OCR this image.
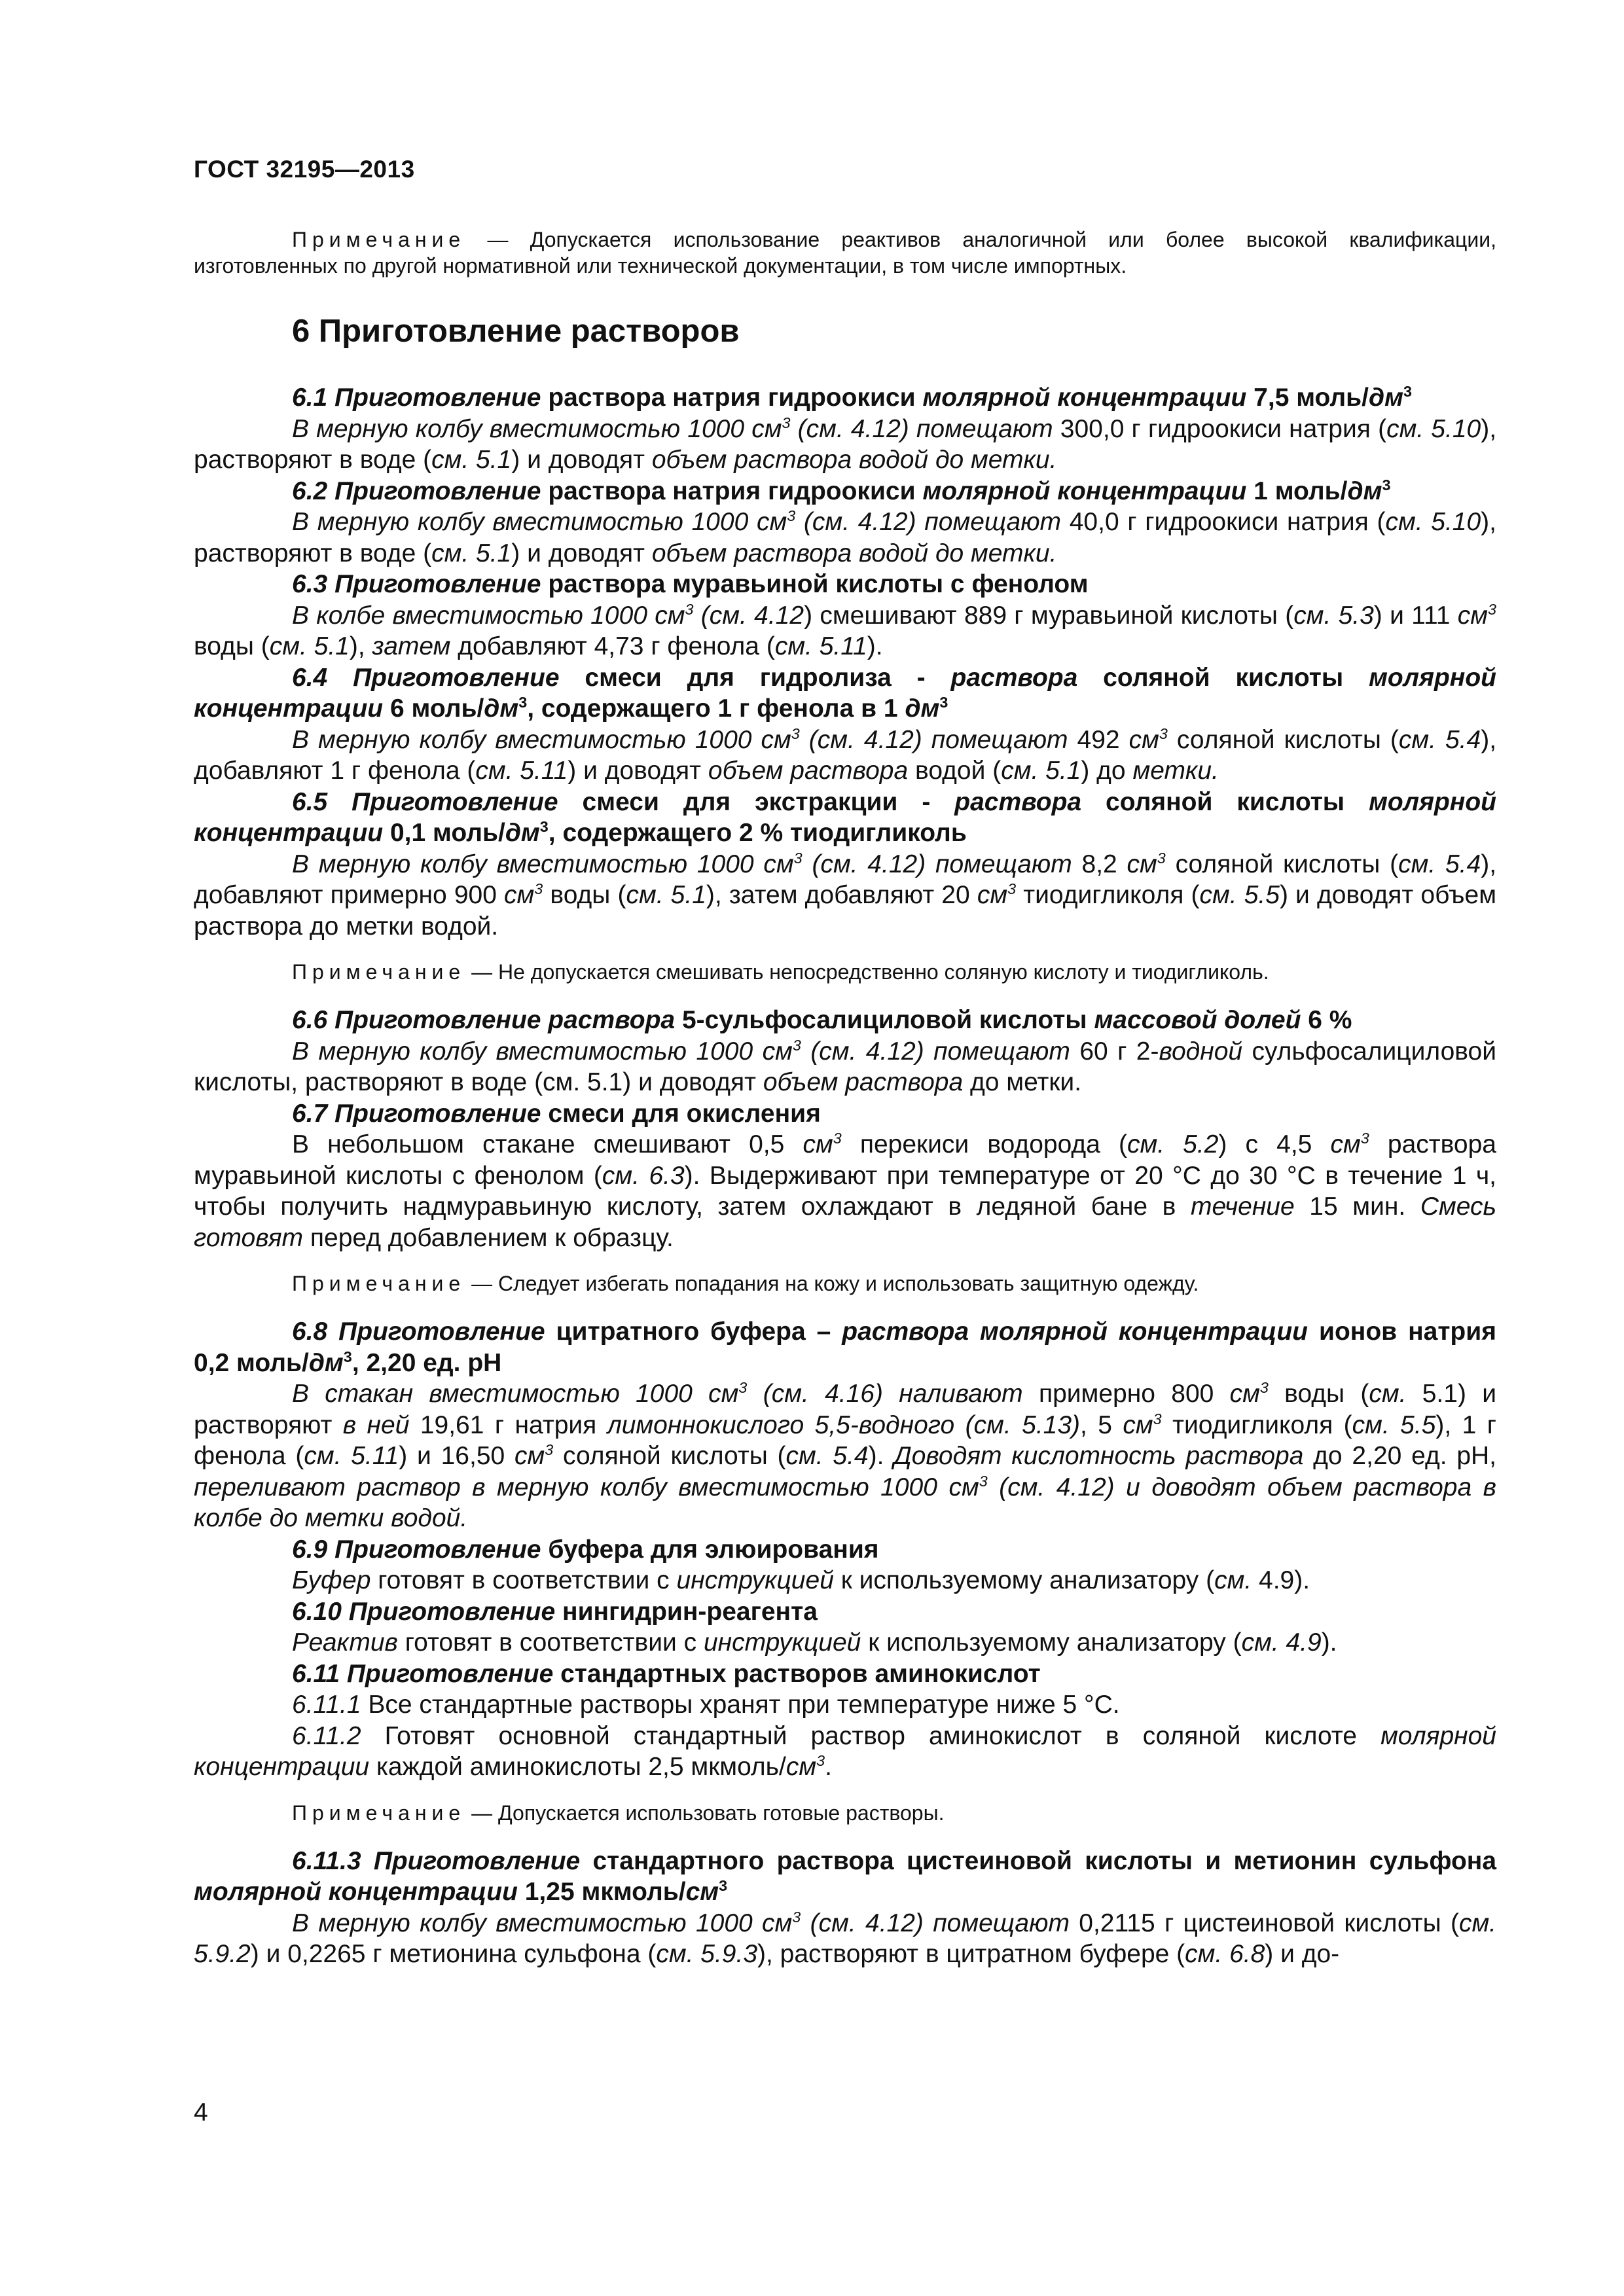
ГОСТ 32195—2013

Примечание — Допускается использование реактивов аналогичной или более высокой квалификации, изготовленных по другой нормативной или технической документации, в том числе импортных.

6 Приготовление растворов

6.1 Приготовление раствора натрия гидроокиси молярной концентрации 7,5 моль/$дм^3$

В мерную колбу вместимостью 1000 $см^3$ (см. 4.12) помещают 300,0 г гидроокиси натрия (см. 5.10), растворяют в воде (см. 5.1) и доводят объем раствора водой до метки.

6.2 Приготовление раствора натрия гидроокиси молярной концентрации 1 моль/$дм^3$

В мерную колбу вместимостью 1000 $см^3$ (см. 4.12) помещают 40,0 г гидроокиси натрия (см. 5.10), растворяют в воде (см. 5.1) и доводят объем раствора водой до метки.

6.3 Приготовление раствора муравьиной кислоты с фенолом

В колбе вместимостью 1000 $см^3$ (см. 4.12) смешивают 889 г муравьиной кислоты (см. 5.3) и 111 $см^3$ воды (см. 5.1), затем добавляют 4,73 г фенола (см. 5.11).

6.4 Приготовление смеси для гидролиза - раствора соляной кислоты молярной концентрации 6 моль/$дм^3$, содержащего 1 г фенола в 1 $дм^3$

В мерную колбу вместимостью 1000 $см^3$ (см. 4.12) помещают 492 $см^3$ соляной кислоты (см. 5.4), добавляют 1 г фенола (см. 5.11) и доводят объем раствора водой (см. 5.1) до метки.

6.5 Приготовление смеси для экстракции - раствора соляной кислоты молярной концентрации 0,1 моль/$дм^3$, содержащего 2 % тиодигликоль

В мерную колбу вместимостью 1000 $см^3$ (см. 4.12) помещают 8,2 $см^3$ соляной кислоты (см. 5.4), добавляют примерно 900 $см^3$ воды (см. 5.1), затем добавляют 20 $см^3$ тиодигликоля (см. 5.5) и доводят объем раствора до метки водой.

Примечание — Не допускается смешивать непосредственно соляную кислоту и тиодигликоль.

6.6 Приготовление раствора 5-сульфосалициловой кислоты массовой долей 6 %

В мерную колбу вместимостью 1000 $см^3$ (см. 4.12) помещают 60 г 2-водной сульфосалициловой кислоты, растворяют в воде (см. 5.1) и доводят объем раствора до метки.

6.7 Приготовление смеси для окисления

В небольшом стакане смешивают 0,5 $см^3$ перекиси водорода (см. 5.2) с 4,5 $см^3$ раствора муравьиной кислоты с фенолом (см. 6.3). Выдерживают при температуре от 20 °С до 30 °С в течение 1 ч, чтобы получить надмуравьиную кислоту, затем охлаждают в ледяной бане в течение 15 мин. Смесь готовят перед добавлением к образцу.

Примечание — Следует избегать попадания на кожу и использовать защитную одежду.

6.8 Приготовление цитратного буфера – раствора молярной концентрации ионов натрия 0,2 моль/$дм^3$, 2,20 ед. рН

В стакан вместимостью 1000 $см^3$ (см. 4.16) наливают примерно 800 $см^3$ воды (см. 5.1) и растворяют в ней 19,61 г натрия лимоннокислого 5,5-водного (см. 5.13), 5 $см^3$ тиодигликоля (см. 5.5), 1 г фенола (см. 5.11) и 16,50 $см^3$ соляной кислоты (см. 5.4). Доводят кислотность раствора до 2,20 ед. рН, переливают раствор в мерную колбу вместимостью 1000 $см^3$ (см. 4.12) и доводят объем раствора в колбе до метки водой.

6.9 Приготовление буфера для элюирования

Буфер готовят в соответствии с инструкцией к используемому анализатору (см. 4.9).

6.10 Приготовление нингидрин-реагента

Реактив готовят в соответствии с инструкцией к используемому анализатору (см. 4.9).

6.11 Приготовление стандартных растворов аминокислот

6.11.1 Все стандартные растворы хранят при температуре ниже 5 °С.

6.11.2 Готовят основной стандартный раствор аминокислот в соляной кислоте молярной концентрации каждой аминокислоты 2,5 мкмоль/$см^3$.

Примечание — Допускается использовать готовые растворы.

6.11.3 Приготовление стандартного раствора цистеиновой кислоты и метионин сульфона молярной концентрации 1,25 мкмоль/$см^3$

В мерную колбу вместимостью 1000 $см^3$ (см. 4.12) помещают 0,2115 г цистеиновой кислоты (см. 5.9.2) и 0,2265 г метионина сульфона (см. 5.9.3), растворяют в цитратном буфере (см. 6.8) и до-

4
